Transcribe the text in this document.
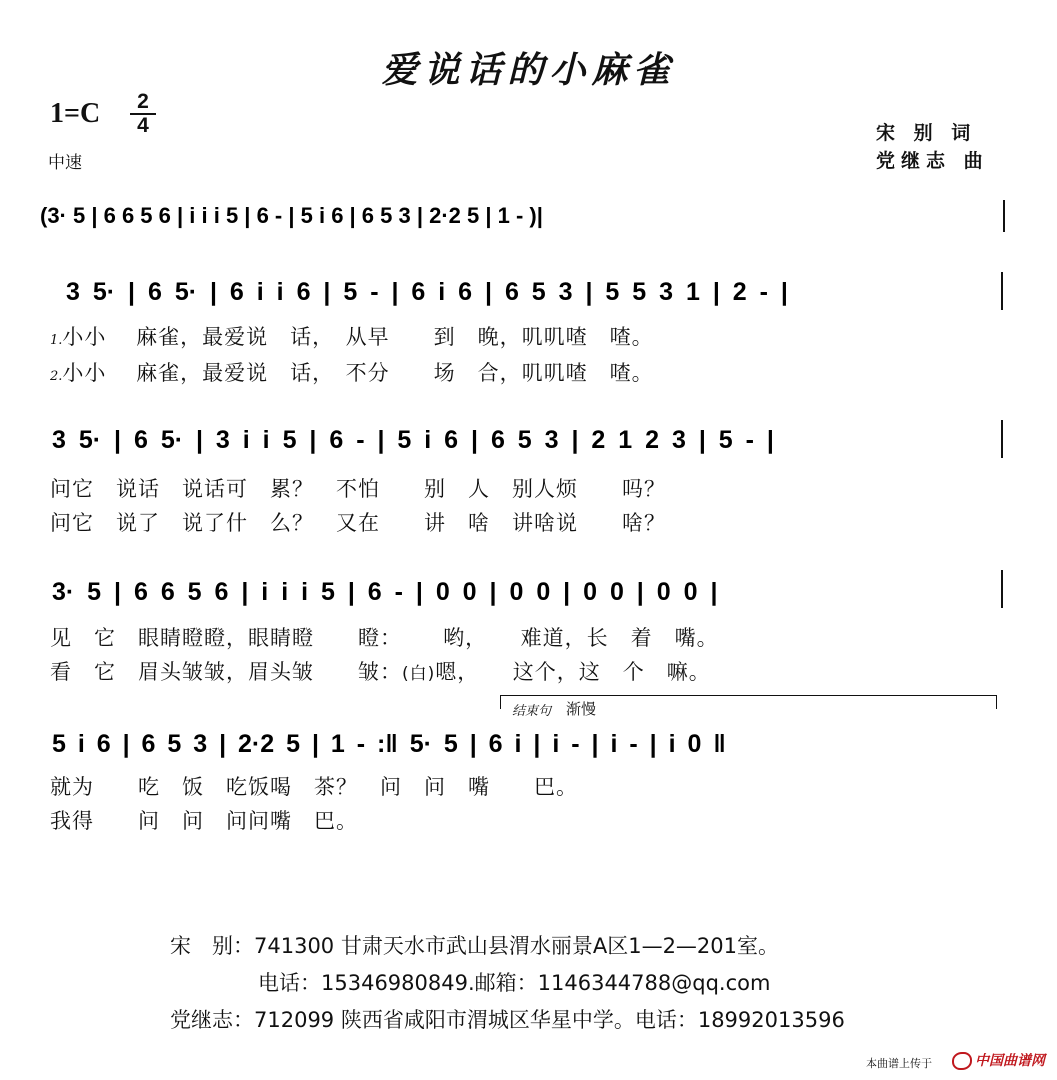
爱说话的小麻雀
1=C	2
4
中速
宋 别 词
党继志 曲
(3· 5 | 6 6 5 6 | i i i 5 | 6 - | 5 i 6 | 6 5 3 | 2·2 5 | 1 - )|
3 5· | 6 5· | 6 i i 6 | 5 - | 6 i 6 | 6 5 3 | 5 5 3 1 | 2 - |
1.小小　 麻雀，最爱说　话，　从早　　到　晚，叽叽喳　喳。
2.小小　 麻雀，最爱说　话，　不分　　场　合，叽叽喳　喳。
3 5· | 6 5· | 3 i i 5 | 6 - | 5 i 6 | 6 5 3 | 2 1 2 3 | 5 - |
问它　说话　说话可　累？　不怕　　别　人　别人烦　　吗？
问它　说了　说了什　么？　又在　　讲　啥　讲啥说　　啥？
3· 5 | 6 6 5 6 | i i i 5 | 6 - | 0 0 | 0 0 | 0 0 | 0 0 |
见　它　眼睛瞪瞪，眼睛瞪　　瞪：　　 哟，　　难道，长　着　嘴。
看　它　眉头皱皱，眉头皱　　皱：(白)嗯，　　这个，这　个　嘛。
结束句 渐慢
5 i 6 | 6 5 3 | 2·2 5 | 1 - :‖ 5· 5 | 6 i | i - | i - | i 0 ‖
就为　　吃　饭　吃饭喝　茶？　问　问　嘴　　巴。
我得　　问　问　问问嘴　巴。
宋　别：741300 甘肃天水市武山县渭水丽景A区1—2—201室。
电话：15346980849.邮箱：1146344788@qq.com
党继志：712099 陕西省咸阳市渭城区华星中学。电话：18992013596
本曲谱上传于	中国曲谱网
